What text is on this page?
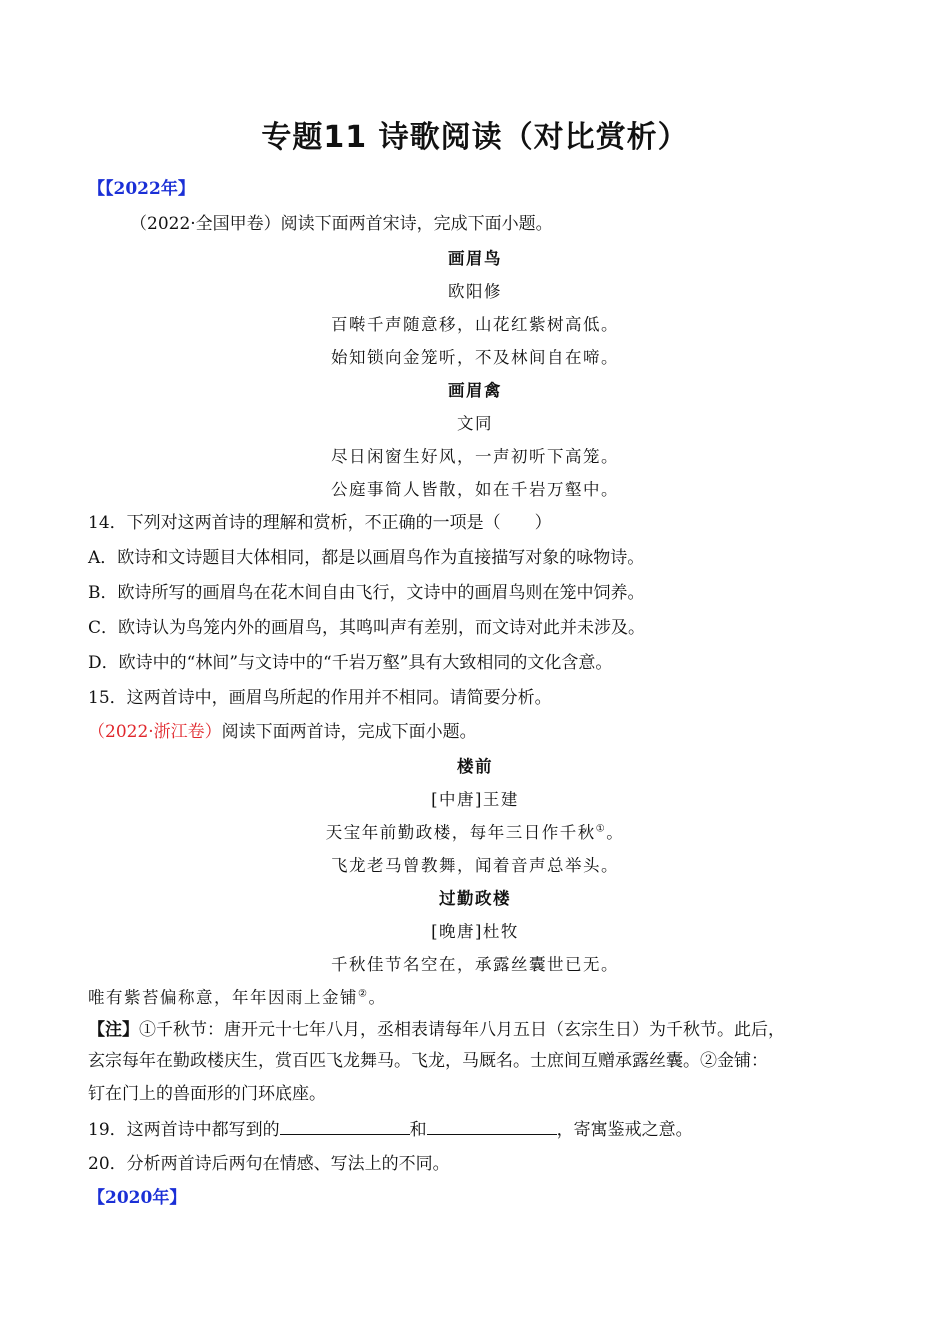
专题11 诗歌阅读（对比赏析）
【【2022年】
（2022·全国甲卷）阅读下面两首宋诗，完成下面小题。
画眉鸟
欧阳修
百啭千声随意移，山花红紫树高低。
始知锁向金笼听，不及林间自在啼。
画眉禽
文同
尽日闲窗生好风，一声初听下高笼。
公庭事简人皆散，如在千岩万壑中。
14．下列对这两首诗的理解和赏析，不正确的一项是（　　）
A．欧诗和文诗题目大体相同，都是以画眉鸟作为直接描写对象的咏物诗。
B．欧诗所写的画眉鸟在花木间自由飞行，文诗中的画眉鸟则在笼中饲养。
C．欧诗认为鸟笼内外的画眉鸟，其鸣叫声有差别，而文诗对此并未涉及。
D．欧诗中的“林间”与文诗中的“千岩万壑”具有大致相同的文化含意。
15．这两首诗中，画眉鸟所起的作用并不相同。请简要分析。
（2022·浙江卷）阅读下面两首诗，完成下面小题。
楼前
[中唐]王建
天宝年前勤政楼，每年三日作千秋①。
飞龙老马曾教舞，闻着音声总举头。
过勤政楼
[晚唐]杜牧
千秋佳节名空在，承露丝囊世已无。
唯有紫苔偏称意，年年因雨上金铺②。
【注】①千秋节：唐开元十七年八月，丞相表请每年八月五日（玄宗生日）为千秋节。此后，
玄宗每年在勤政楼庆生，赏百匹飞龙舞马。飞龙，马厩名。士庶间互赠承露丝囊。②金铺：
钉在门上的兽面形的门环底座。
19．这两首诗中都写到的	和	，寄寓鉴戒之意。
20．分析两首诗后两句在情感、写法上的不同。
【2020年】
